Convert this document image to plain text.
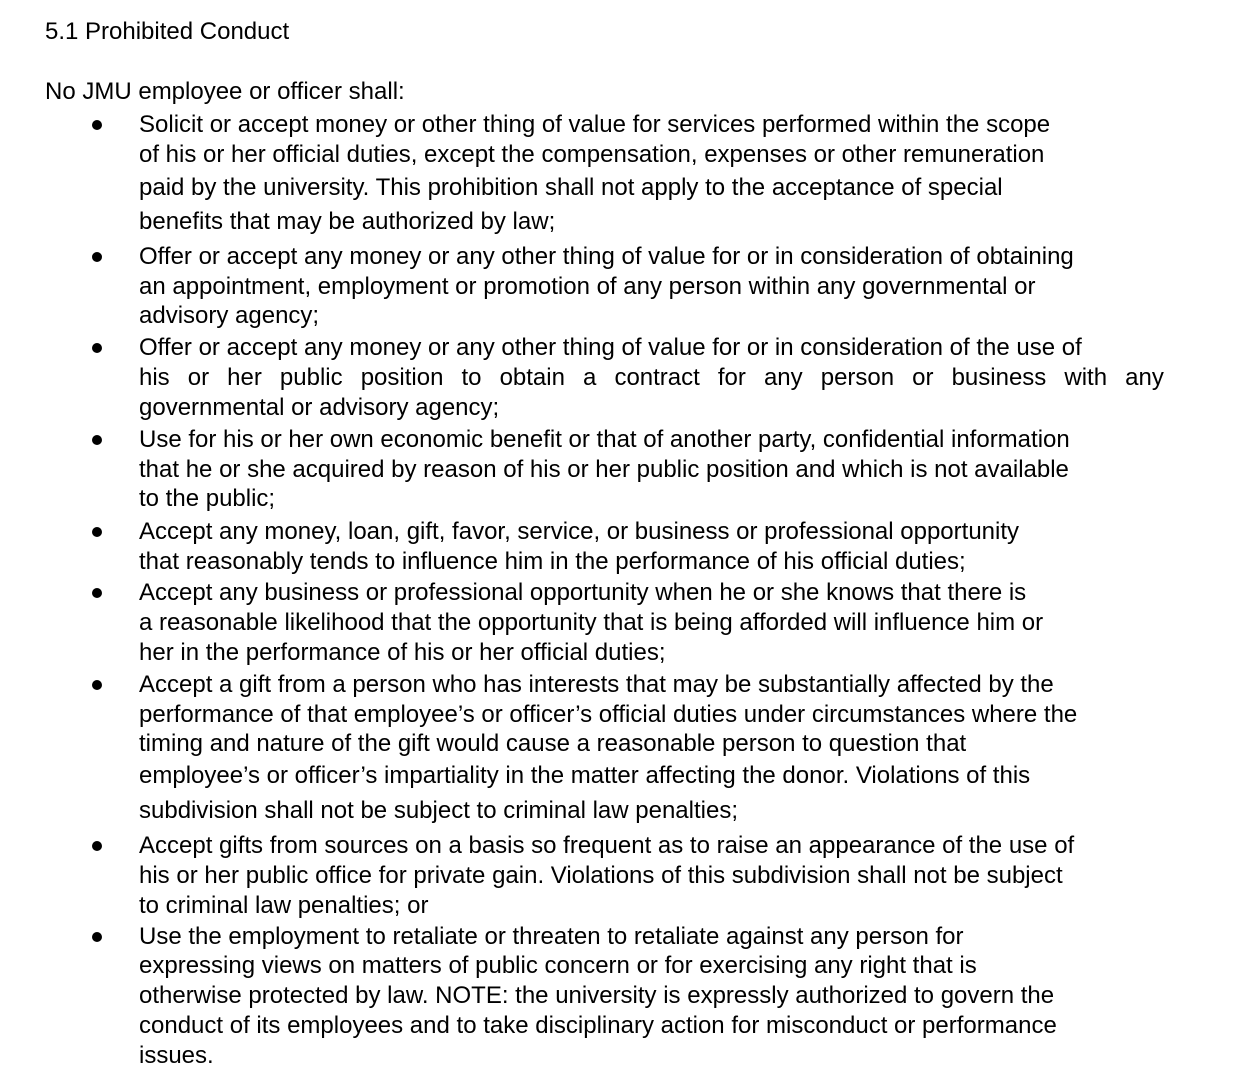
5.1 Prohibited Conduct

No JMU employee or officer shall:

Solicit or accept money or other thing of value for services performed within the scope
of his or her official duties, except the compensation, expenses or other remuneration
paid by the university. This prohibition shall not apply to the acceptance of special
benefits that may be authorized by law;
Offer or accept any money or any other thing of value for or in consideration of obtaining
an appointment, employment or promotion of any person within any governmental or
advisory agency;
Offer or accept any money or any other thing of value for or in consideration of the use of
his or her public position to obtain a contract for any person or business with any
governmental or advisory agency;
Use for his or her own economic benefit or that of another party, confidential information
that he or she acquired by reason of his or her public position and which is not available
to the public;
Accept any money, loan, gift, favor, service, or business or professional opportunity
that reasonably tends to influence him in the performance of his official duties;
Accept any business or professional opportunity when he or she knows that there is
a reasonable likelihood that the opportunity that is being afforded will influence him or
her in the performance of his or her official duties;
Accept a gift from a person who has interests that may be substantially affected by the
performance of that employee’s or officer’s official duties under circumstances where the
timing and nature of the gift would cause a reasonable person to question that
employee’s or officer’s impartiality in the matter affecting the donor. Violations of this
subdivision shall not be subject to criminal law penalties;
Accept gifts from sources on a basis so frequent as to raise an appearance of the use of
his or her public office for private gain. Violations of this subdivision shall not be subject
to criminal law penalties; or
Use the employment to retaliate or threaten to retaliate against any person for
expressing views on matters of public concern or for exercising any right that is
otherwise protected by law. NOTE: the university is expressly authorized to govern the
conduct of its employees and to take disciplinary action for misconduct or performance
issues.
